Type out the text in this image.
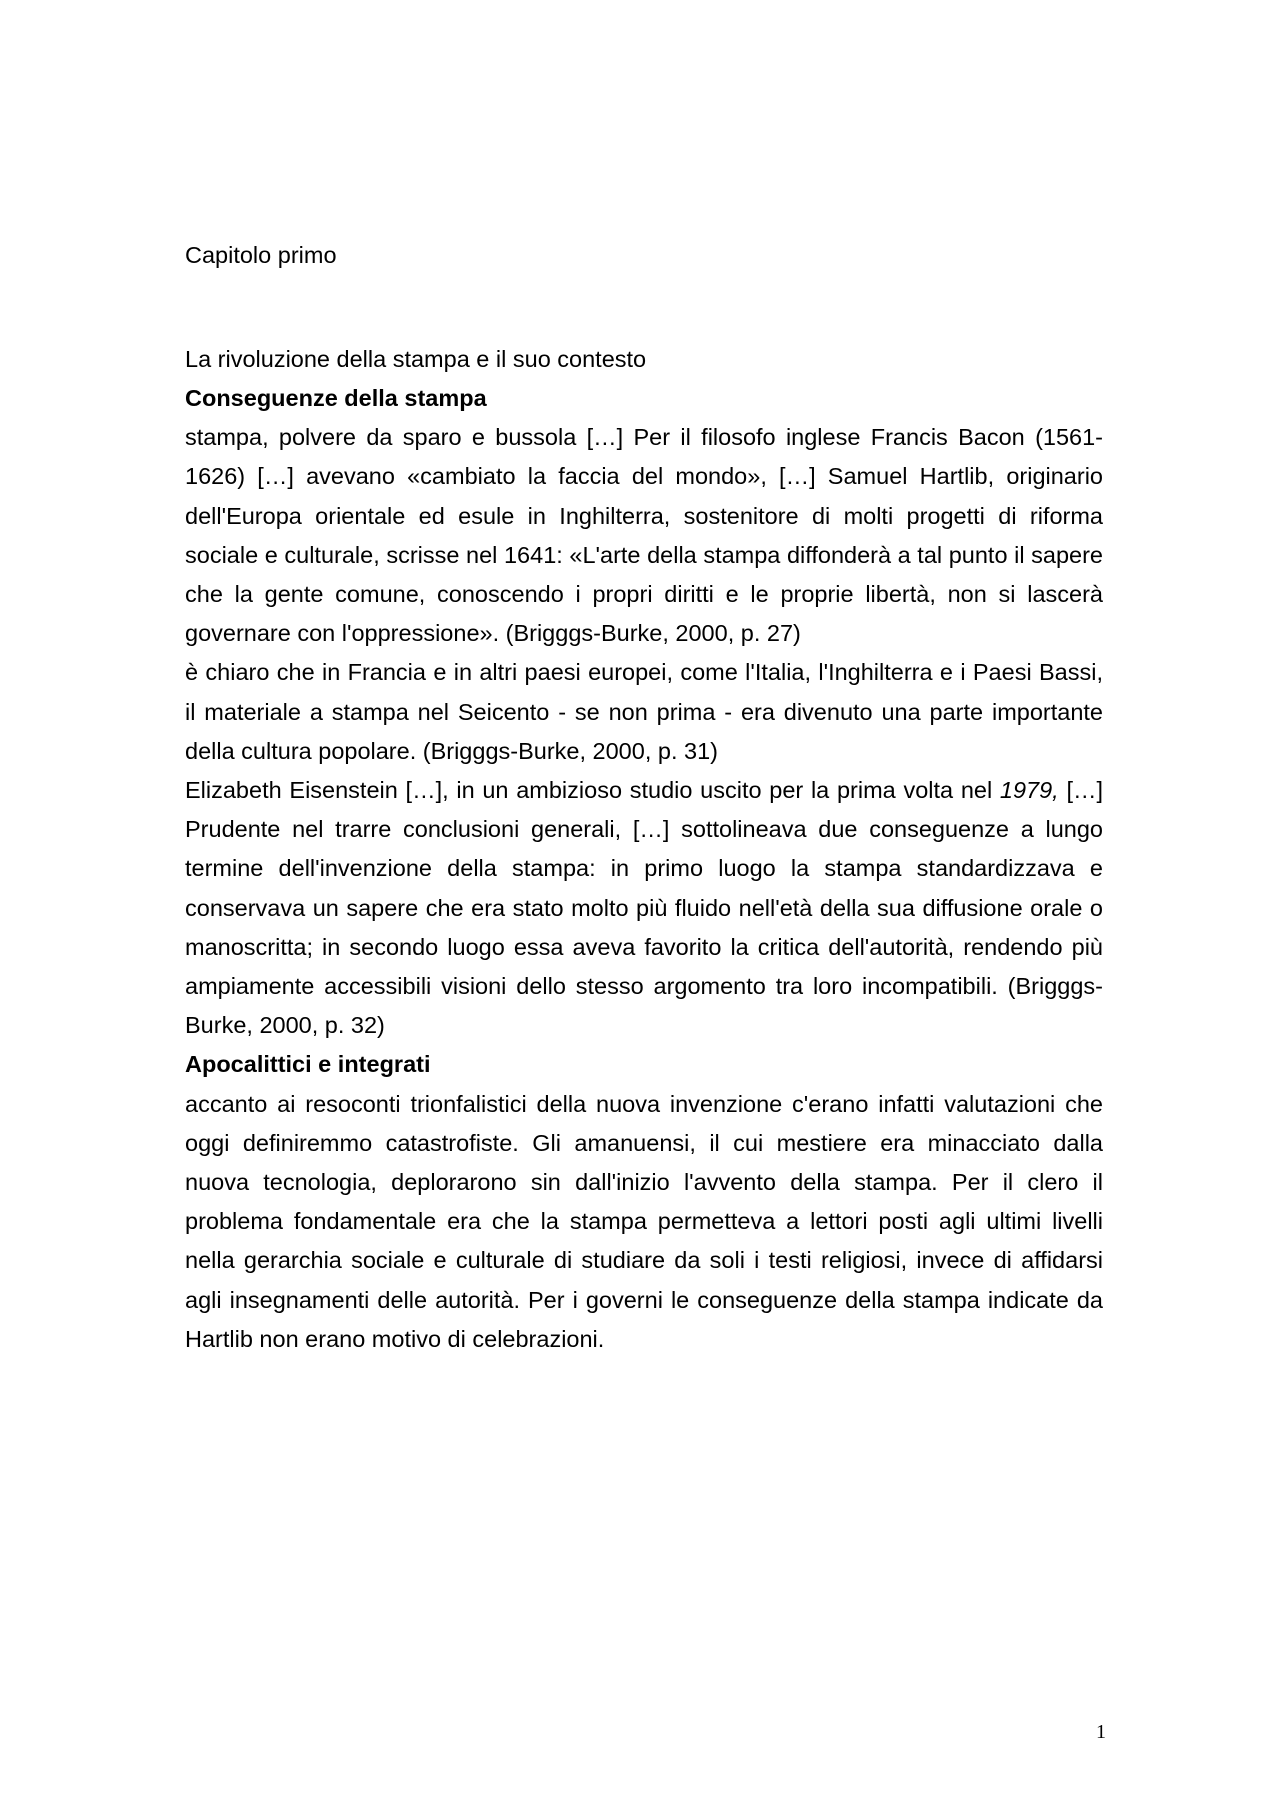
Capitolo primo

La rivoluzione della stampa e il suo contesto

Conseguenze della stampa

stampa, polvere da sparo e bussola […] Per il filosofo inglese Francis Bacon (1561-1626) […] avevano «cambiato la faccia del mondo», […] Samuel Hartlib, originario dell'Europa orientale ed esule in Inghilterra, sostenitore di molti progetti di riforma sociale e culturale, scrisse nel 1641: «L'arte della stampa diffonderà a tal punto il sapere che la gente comune, conoscendo i propri diritti e le proprie libertà, non si lascerà governare con l'oppressione». (Brigggs-Burke, 2000, p. 27)

è chiaro che in Francia e in altri paesi europei, come l'Italia, l'Inghilterra e i Paesi Bassi, il materiale a stampa nel Seicento - se non prima - era divenuto una parte importante della cultura popolare. (Brigggs-Burke, 2000, p. 31)

Elizabeth Eisenstein […], in un ambizioso studio uscito per la prima volta nel 1979, […] Prudente nel trarre conclusioni generali, […] sottolineava due conseguenze a lungo termine dell'invenzione della stampa: in primo luogo la stampa standardizzava e conservava un sapere che era stato molto più fluido nell'età della sua diffusione orale o manoscritta; in secondo luogo essa aveva favorito la critica dell'autorità, rendendo più ampiamente accessibili visioni dello stesso argomento tra loro incompatibili. (Brigggs-Burke, 2000, p. 32)

Apocalittici e integrati

accanto ai resoconti trionfalistici della nuova invenzione c'erano infatti valutazioni che oggi definiremmo catastrofiste. Gli amanuensi, il cui mestiere era minacciato dalla nuova tecnologia, deplorarono sin dall'inizio l'avvento della stampa. Per il clero il problema fondamentale era che la stampa permetteva a lettori posti agli ultimi livelli nella gerarchia sociale e culturale di studiare da soli i testi religiosi, invece di affidarsi agli insegnamenti delle autorità. Per i governi le conseguenze della stampa indicate da Hartlib non erano motivo di celebrazioni.

1
